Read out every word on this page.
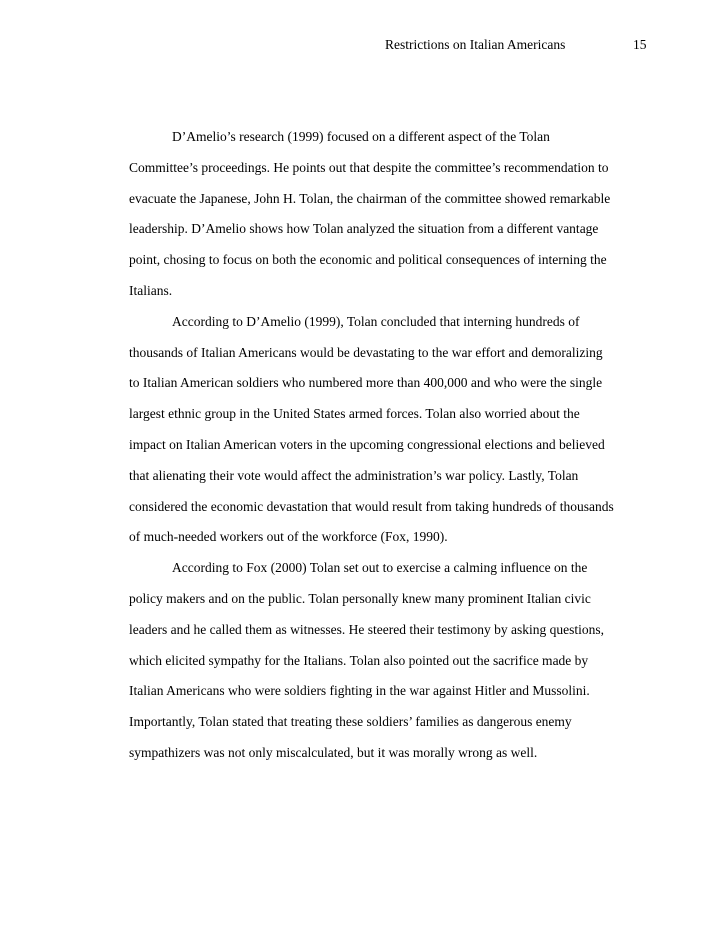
Restrictions on Italian Americans	15
D’Amelio’s research (1999) focused on a different aspect of the Tolan
Committee’s proceedings. He points out that despite the committee’s recommendation to
evacuate the Japanese, John H. Tolan, the chairman of the committee showed remarkable
leadership. D’Amelio shows how Tolan analyzed the situation from a different vantage
point, chosing to focus on both the economic and political consequences of interning the
Italians.
According to D’Amelio (1999), Tolan concluded that interning hundreds of
thousands of Italian Americans would be devastating to the war effort and demoralizing
to Italian American soldiers who numbered more than 400,000 and who were the single
largest ethnic group in the United States armed forces. Tolan also worried about the
impact on Italian American voters in the upcoming congressional elections and believed
that alienating their vote would affect the administration’s war policy. Lastly, Tolan
considered the economic devastation that would result from taking hundreds of thousands
of much-needed workers out of the workforce (Fox, 1990).
According to Fox (2000) Tolan set out to exercise a calming influence on the
policy makers and on the public. Tolan personally knew many prominent Italian civic
leaders and he called them as witnesses. He steered their testimony by asking questions,
which elicited sympathy for the Italians. Tolan also pointed out the sacrifice made by
Italian Americans who were soldiers fighting in the war against Hitler and Mussolini.
Importantly, Tolan stated that treating these soldiers’ families as dangerous enemy
sympathizers was not only miscalculated, but it was morally wrong as well.
